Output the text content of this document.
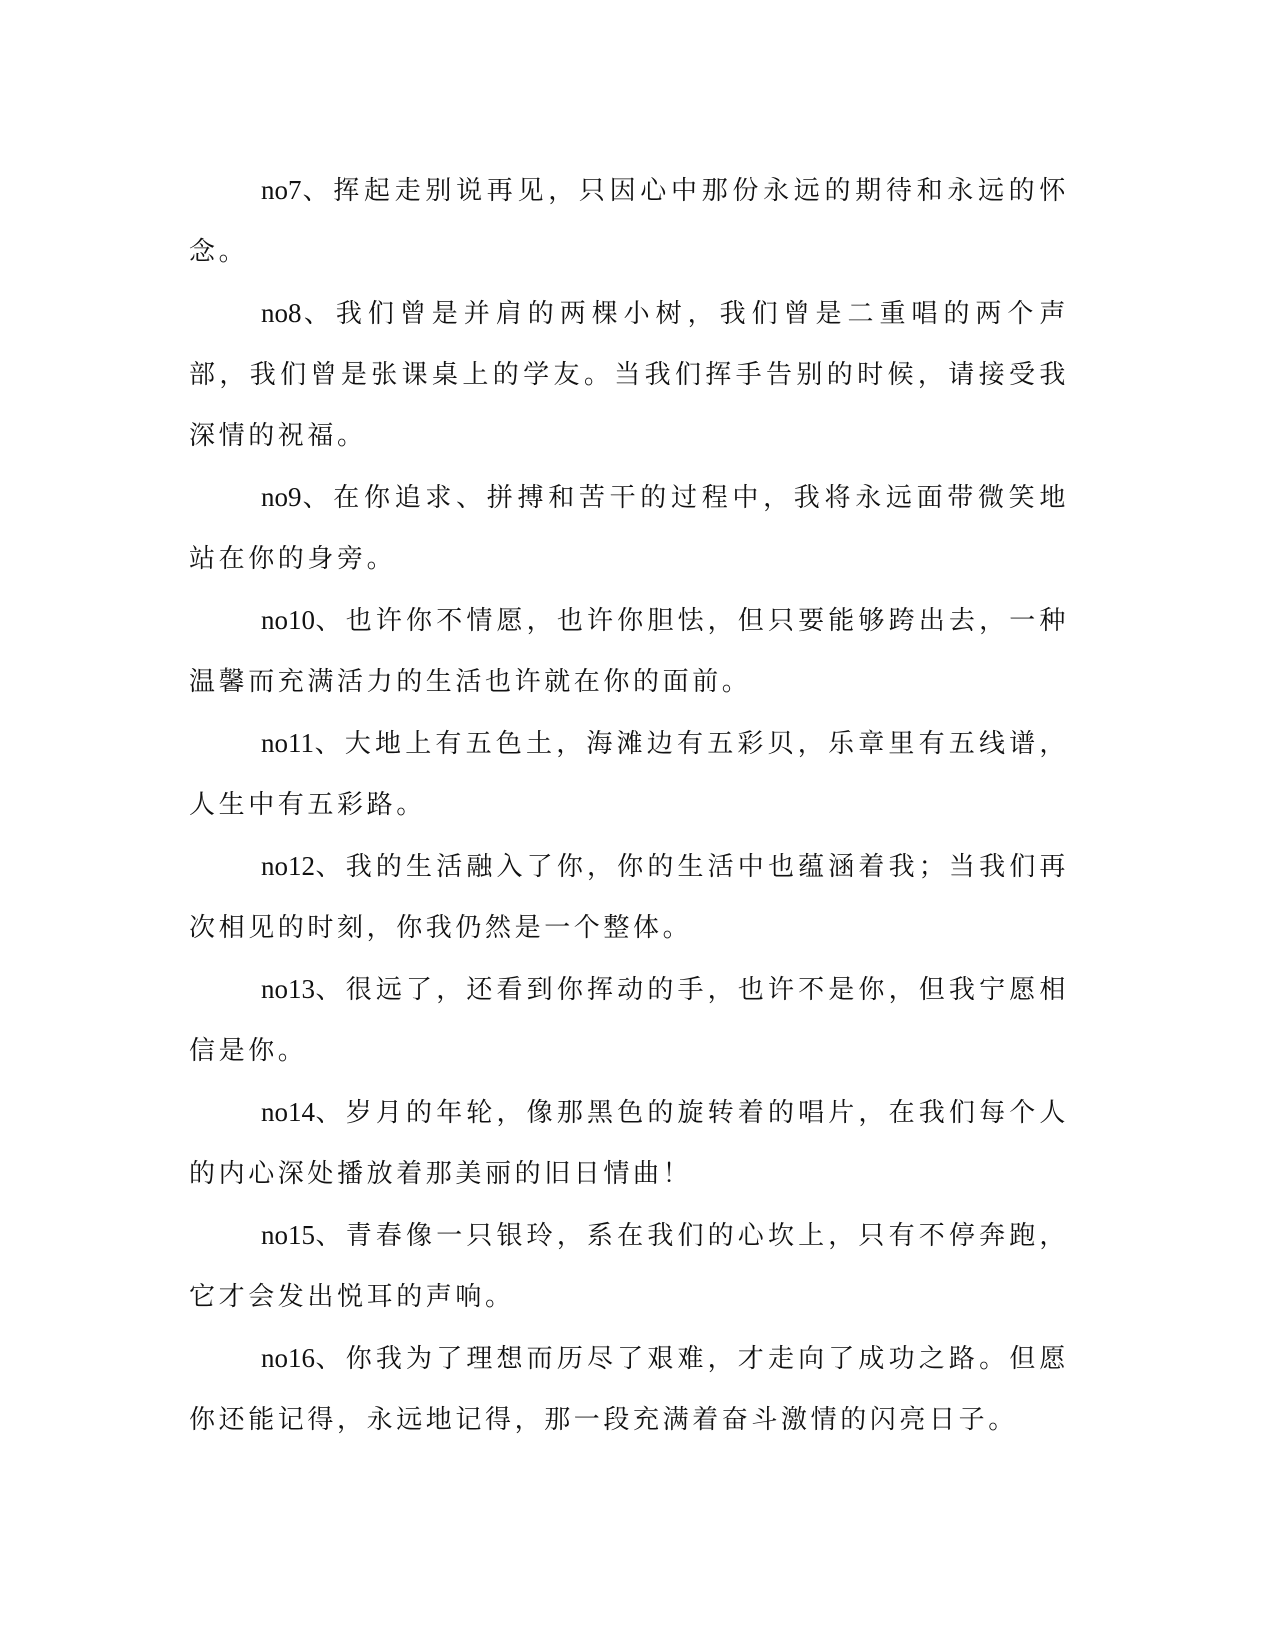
no7、挥起走别说再见，只因心中那份永远的期待和永远的怀念。

no8、我们曾是并肩的两棵小树，我们曾是二重唱的两个声部，我们曾是张课桌上的学友。当我们挥手告别的时候，请接受我深情的祝福。

no9、在你追求、拼搏和苦干的过程中，我将永远面带微笑地站在你的身旁。

no10、也许你不情愿，也许你胆怯，但只要能够跨出去，一种温馨而充满活力的生活也许就在你的面前。

no11、大地上有五色土，海滩边有五彩贝，乐章里有五线谱，人生中有五彩路。

no12、我的生活融入了你，你的生活中也蕴涵着我；当我们再次相见的时刻，你我仍然是一个整体。

no13、很远了，还看到你挥动的手，也许不是你，但我宁愿相信是你。

no14、岁月的年轮，像那黑色的旋转着的唱片，在我们每个人的内心深处播放着那美丽的旧日情曲！

no15、青春像一只银玲，系在我们的心坎上，只有不停奔跑，它才会发出悦耳的声响。

no16、你我为了理想而历尽了艰难，才走向了成功之路。但愿你还能记得，永远地记得，那一段充满着奋斗激情的闪亮日子。
